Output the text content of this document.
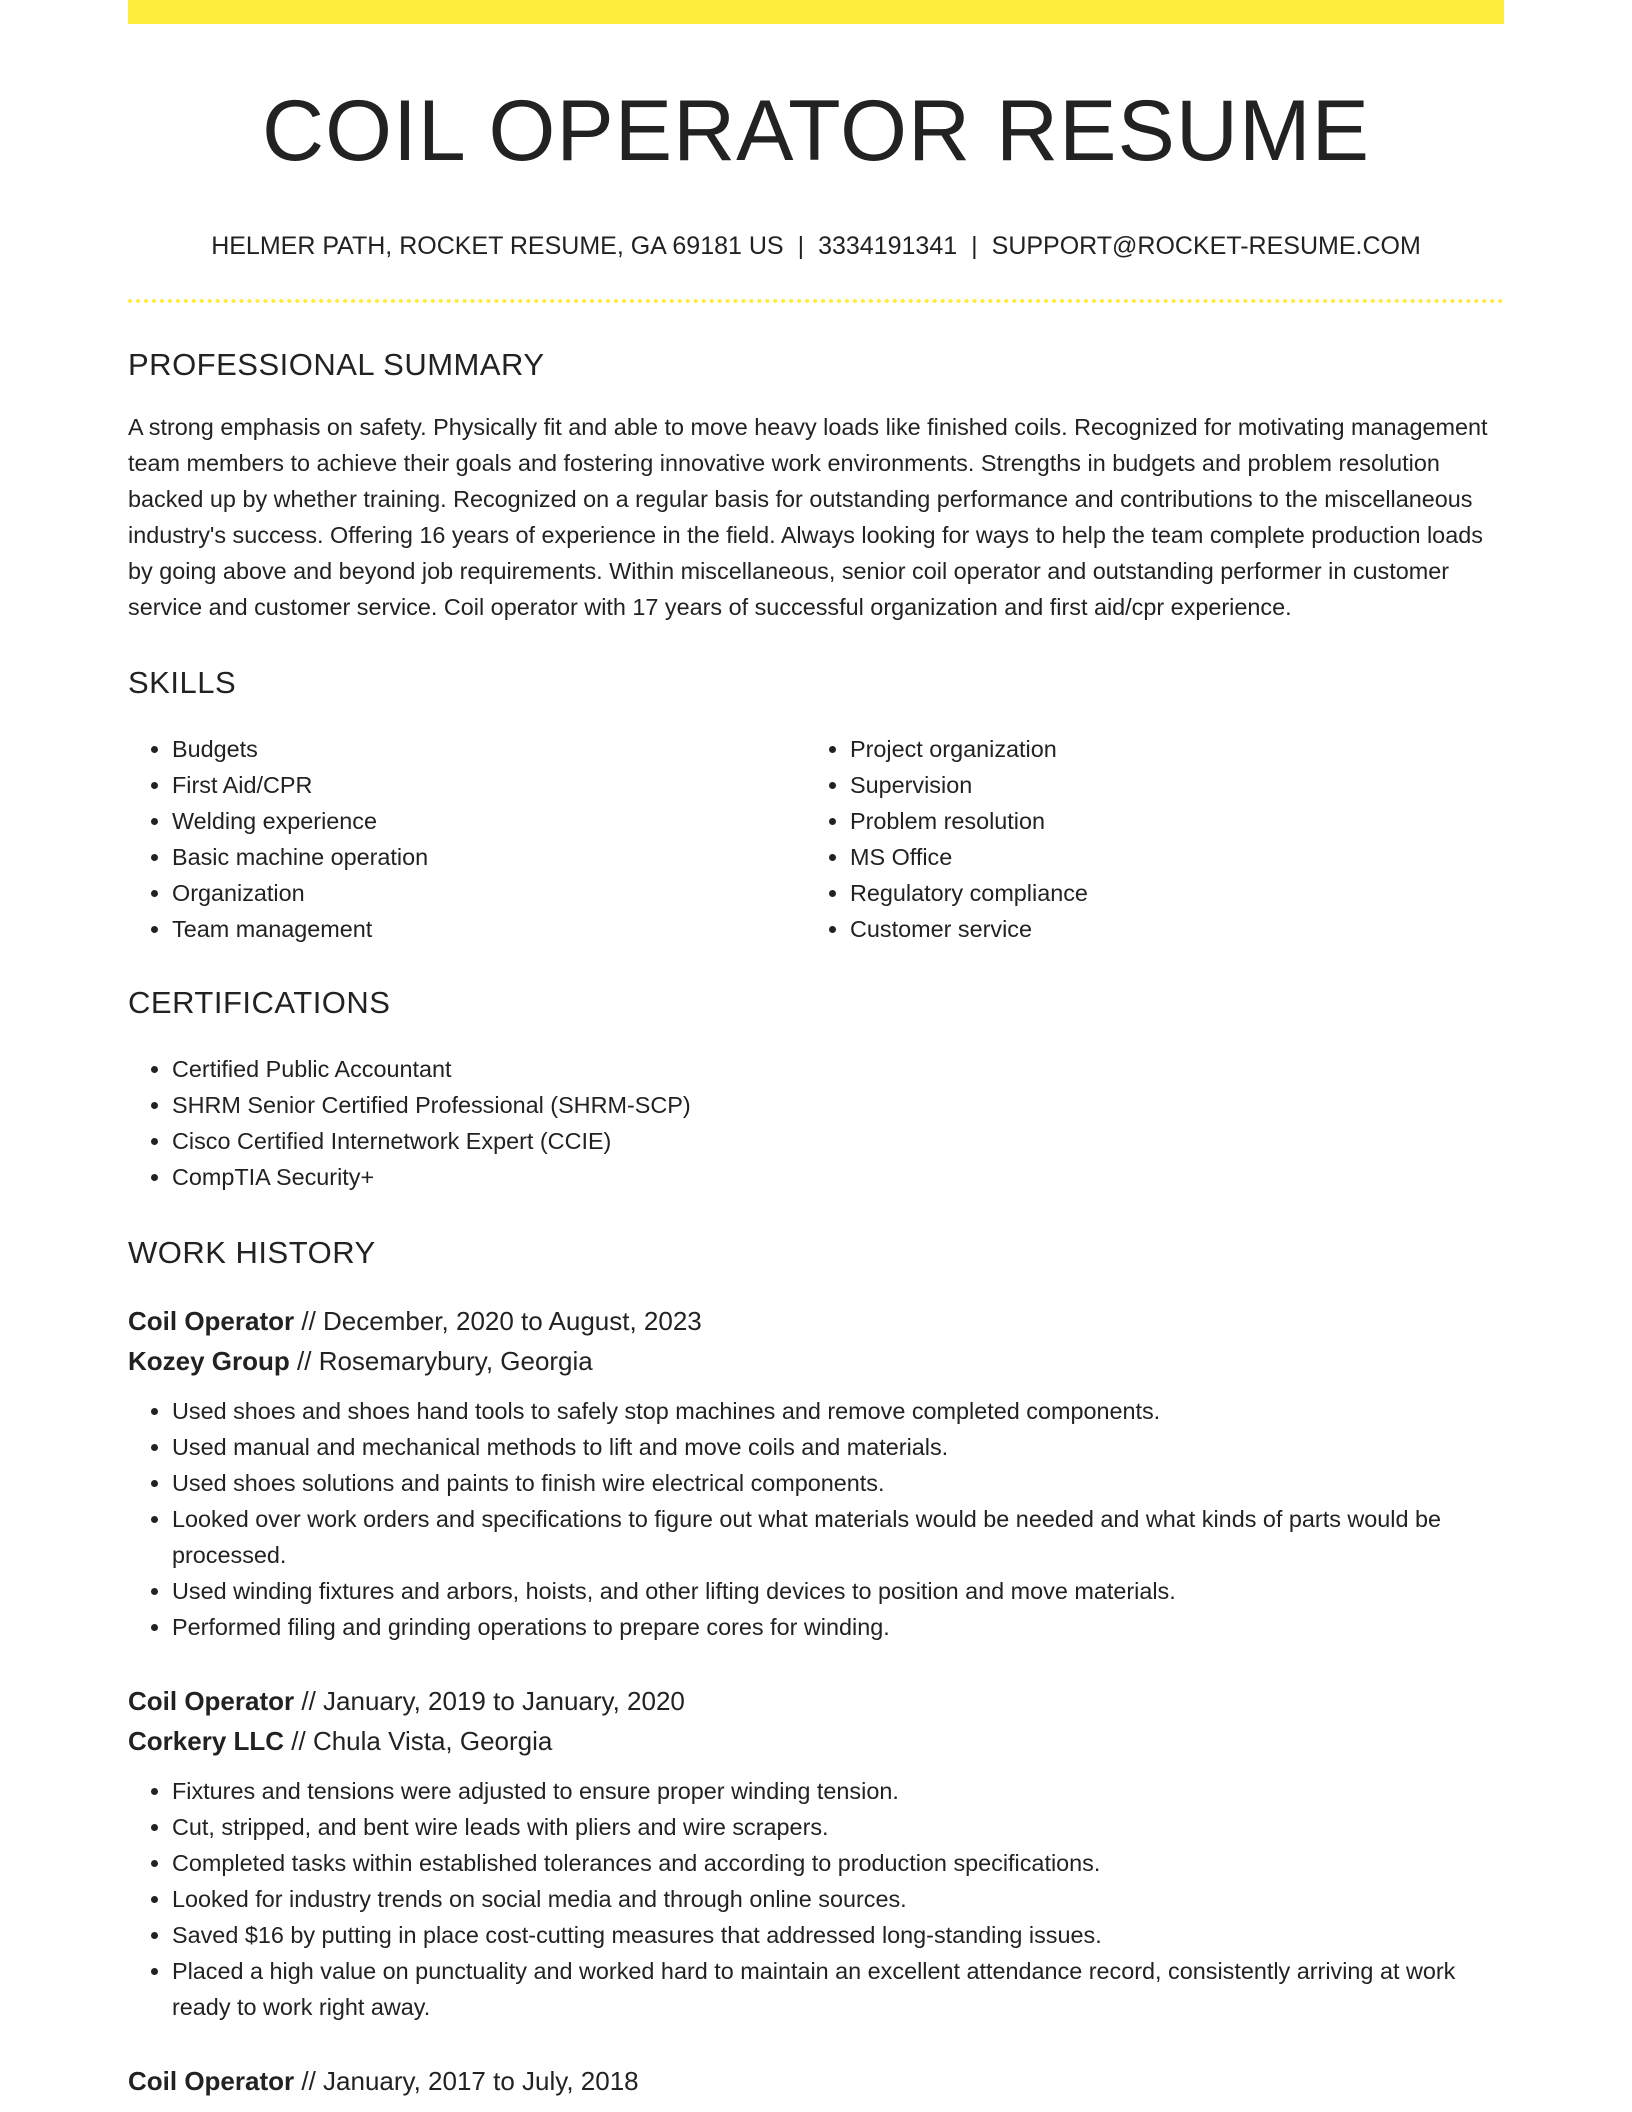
COIL OPERATOR RESUME
HELMER PATH, ROCKET RESUME, GA 69181 US | 3334191341 | SUPPORT@ROCKET-RESUME.COM
PROFESSIONAL SUMMARY
A strong emphasis on safety. Physically fit and able to move heavy loads like finished coils. Recognized for motivating management team members to achieve their goals and fostering innovative work environments. Strengths in budgets and problem resolution backed up by whether training. Recognized on a regular basis for outstanding performance and contributions to the miscellaneous industry's success. Offering 16 years of experience in the field. Always looking for ways to help the team complete production loads by going above and beyond job requirements. Within miscellaneous, senior coil operator and outstanding performer in customer service and customer service. Coil operator with 17 years of successful organization and first aid/cpr experience.
SKILLS
• Budgets
• First Aid/CPR
• Welding experience
• Basic machine operation
• Organization
• Team management
• Project organization
• Supervision
• Problem resolution
• MS Office
• Regulatory compliance
• Customer service
CERTIFICATIONS
• Certified Public Accountant
• SHRM Senior Certified Professional (SHRM-SCP)
• Cisco Certified Internetwork Expert (CCIE)
• CompTIA Security+
WORK HISTORY
Coil Operator // December, 2020 to August, 2023
Kozey Group // Rosemarybury, Georgia
• Used shoes and shoes hand tools to safely stop machines and remove completed components.
• Used manual and mechanical methods to lift and move coils and materials.
• Used shoes solutions and paints to finish wire electrical components.
• Looked over work orders and specifications to figure out what materials would be needed and what kinds of parts would be processed.
• Used winding fixtures and arbors, hoists, and other lifting devices to position and move materials.
• Performed filing and grinding operations to prepare cores for winding.
Coil Operator // January, 2019 to January, 2020
Corkery LLC // Chula Vista, Georgia
• Fixtures and tensions were adjusted to ensure proper winding tension.
• Cut, stripped, and bent wire leads with pliers and wire scrapers.
• Completed tasks within established tolerances and according to production specifications.
• Looked for industry trends on social media and through online sources.
• Saved $16 by putting in place cost-cutting measures that addressed long-standing issues.
• Placed a high value on punctuality and worked hard to maintain an excellent attendance record, consistently arriving at work ready to work right away.
Coil Operator // January, 2017 to July, 2018
